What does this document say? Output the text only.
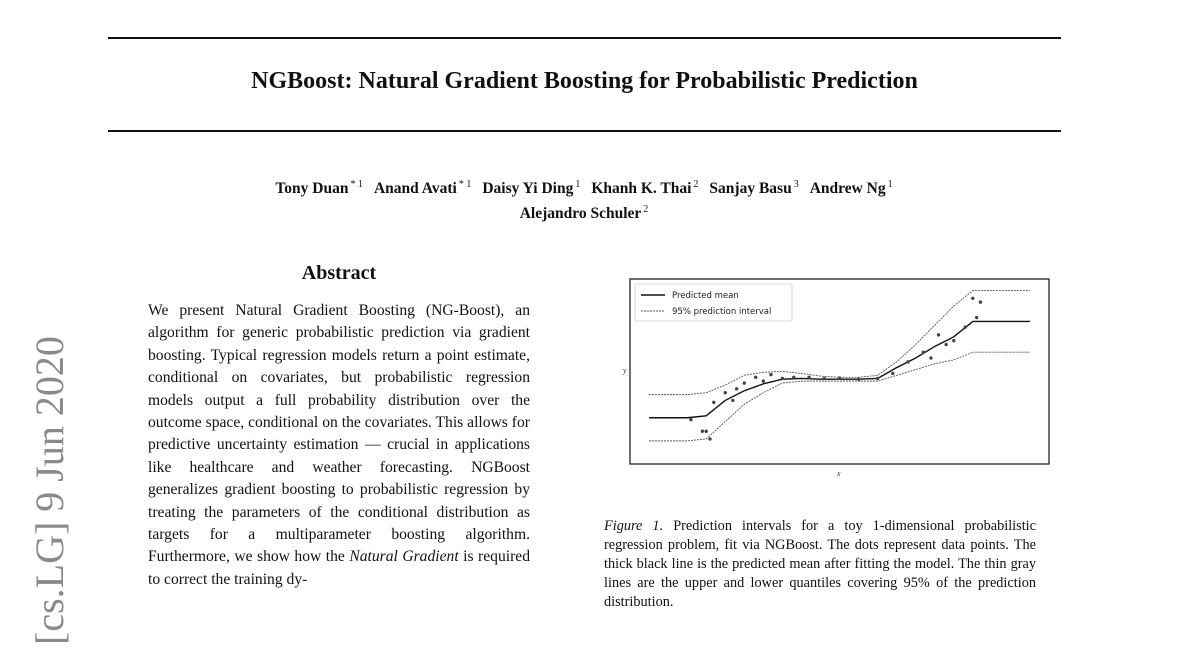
NGBoost: Natural Gradient Boosting for Probabilistic Prediction
Tony Duan $^{* 1}$ Anand Avati $^{* 1}$ Daisy Yi Ding $^1$ Khanh K. Thai $^2$ Sanjay Basu $^3$ Andrew Ng $^1$
Alejandro Schuler $^2$
[cs.LG] 9 Jun 2020
Abstract
We present Natural Gradient Boosting (NG-Boost), an algorithm for generic probabilistic prediction via gradient boosting. Typical regression models return a point estimate, conditional on covariates, but probabilistic regression models output a full probability distribution over the outcome space, conditional on the covariates. This allows for predictive uncertainty estimation — crucial in applications like healthcare and weather forecasting. NGBoost generalizes gradient boosting to probabilistic regression by treating the parameters of the conditional distribution as targets for a multiparameter boosting algorithm. Furthermore, we show how the Natural Gradient is required to correct the training dy-
Predicted mean
95% prediction interval
y
x
Figure 1. Prediction intervals for a toy 1-dimensional probabilistic regression problem, fit via NGBoost. The dots represent data points. The thick black line is the predicted mean after fitting the model. The thin gray lines are the upper and lower quantiles covering 95% of the prediction distribution.
